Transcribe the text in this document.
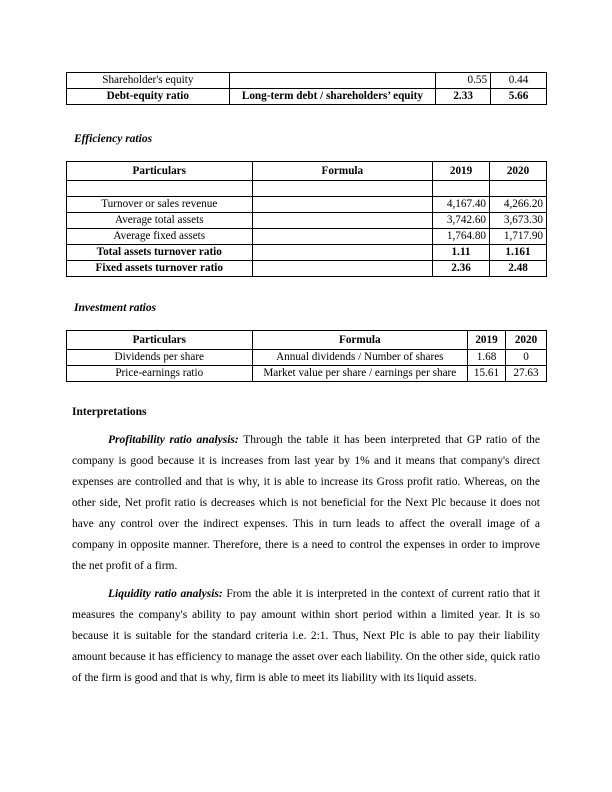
Shareholder's equity		0.55	0.44
Debt-equity ratio	Long-term debt / shareholders’ equity	2.33	5.66
Efficiency ratios
Particulars	Formula	2019	2020

Turnover or sales revenue		4,167.40	4,266.20
Average total assets		3,742.60	3,673.30
Average fixed assets		1,764.80	1,717.90
Total assets turnover ratio		1.11	1.161
Fixed assets turnover ratio		2.36	2.48
Investment ratios
Particulars	Formula	2019	2020
Dividends per share	Annual dividends / Number of shares	1.68	0
Price-earnings ratio	Market value per share / earnings per share	15.61	27.63
Interpretations

Profitability ratio analysis: Through the table it has been interpreted that GP ratio of the company is good because it is increases from last year by 1% and it means that company's direct expenses are controlled and that is why, it is able to increase its Gross profit ratio. Whereas, on the other side, Net profit ratio is decreases which is not beneficial for the Next Plc because it does not have any control over the indirect expenses. This in turn leads to affect the overall image of a company in opposite manner. Therefore, there is a need to control the expenses in order to improve the net profit of a firm.

Liquidity ratio analysis: From the able it is interpreted in the context of current ratio that it measures the company's ability to pay amount within short period within a limited year. It is so because it is suitable for the standard criteria i.e. 2:1. Thus, Next Plc is able to pay their liability amount because it has efficiency to manage the asset over each liability. On the other side, quick ratio of the firm is good and that is why, firm is able to meet its liability with its liquid assets.
